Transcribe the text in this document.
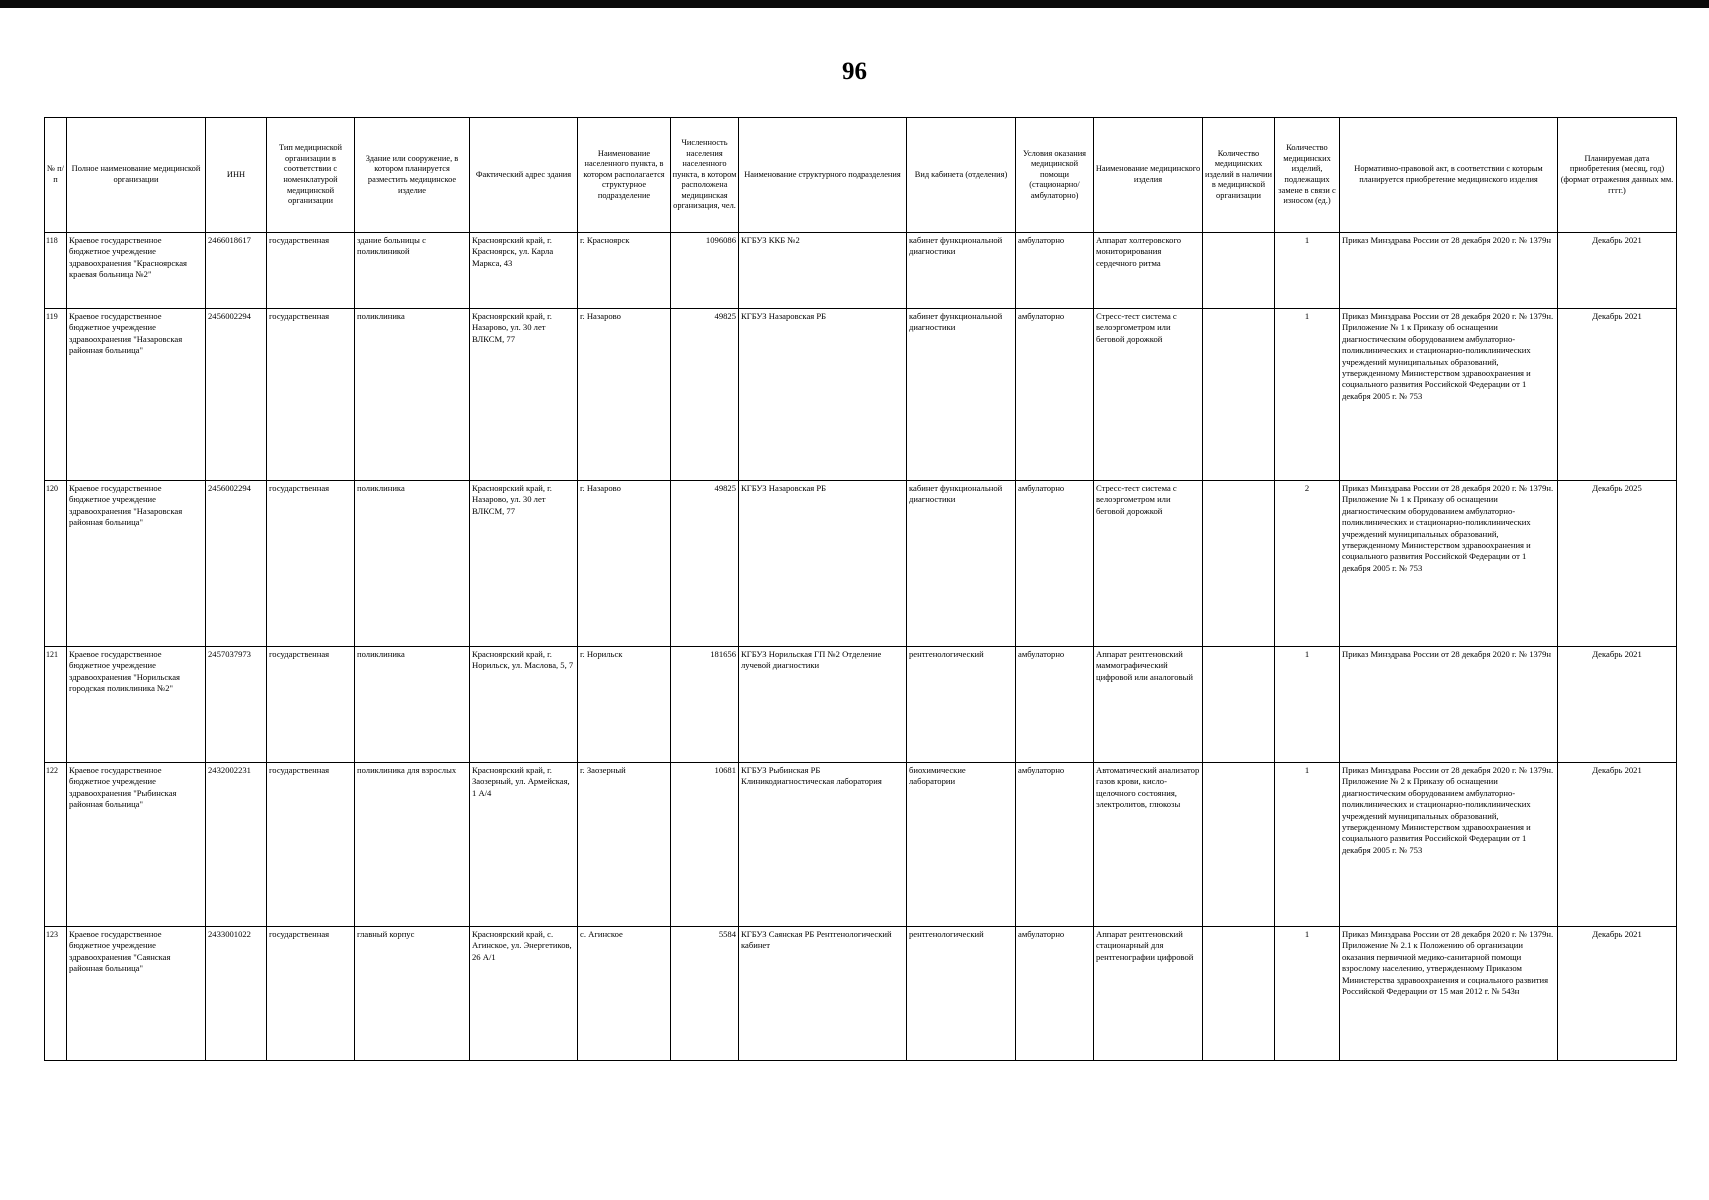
96
№ п/п	Полное наименование медицинской организации	ИНН	Тип медицинской организации в соответствии с номенклатурой медицинской организации	Здание или сооружение, в котором планируется разместить медицинское изделие	Фактический адрес здания	Наименование населенного пункта, в котором располагается структурное подразделение	Численность населения населенного пункта, в котором расположена медицинская организация, чел.	Наименование структурного подразделения	Вид кабинета (отделения)	Условия оказания медицинской помощи (стационарно/ амбулаторно)	Наименование медицинского изделия	Количество медицинских изделий в наличии в медицинской организации	Количество медицинских изделий, подлежащих замене в связи с износом (ед.)	Нормативно-правовой акт, в соответствии с которым планируется приобретение медицинского изделия	Планируемая дата приобретения (месяц, год) (формат отражения данных мм. гггг.)
118	Краевое государственное бюджетное учреждение здравоохранения "Красноярская краевая больница №2"	2466018617	государственная	здание больницы с поликлиникой	Красноярский край, г. Красноярск, ул. Карла Маркса, 43	г. Красноярск	1096086	КГБУЗ ККБ №2	кабинет функциональной диагностики	амбулаторно	Аппарат холтеровского мониторирования сердечного ритма		1	Приказ Минздрава России от 28 декабря 2020 г. № 1379н	Декабрь 2021
119	Краевое государственное бюджетное учреждение здравоохранения "Назаровская районная больница"	2456002294	государственная	поликлиника	Красноярский край, г. Назарово, ул. 30 лет ВЛКСМ, 77	г. Назарово	49825	КГБУЗ Назаровская РБ	кабинет функциональной диагностики	амбулаторно	Стресс-тест система с велоэргометром или беговой дорожкой		1	Приказ Минздрава России от 28 декабря 2020 г. № 1379н. Приложение № 1 к Приказу об оснащении диагностическим оборудованием амбулаторно-поликлинических и стационарно-поликлинических учреждений муниципальных образований, утвержденному Министерством здравоохранения и социального развития Российской Федерации от 1 декабря 2005 г. № 753	Декабрь 2021
120	Краевое государственное бюджетное учреждение здравоохранения "Назаровская районная больница"	2456002294	государственная	поликлиника	Красноярский край, г. Назарово, ул. 30 лет ВЛКСМ, 77	г. Назарово	49825	КГБУЗ Назаровская РБ	кабинет функциональной диагностики	амбулаторно	Стресс-тест система с велоэргометром или беговой дорожкой		2	Приказ Минздрава России от 28 декабря 2020 г. № 1379н. Приложение № 1 к Приказу об оснащении диагностическим оборудованием амбулаторно-поликлинических и стационарно-поликлинических учреждений муниципальных образований, утвержденному Министерством здравоохранения и социального развития Российской Федерации от 1 декабря 2005 г. № 753	Декабрь 2025
121	Краевое государственное бюджетное учреждение здравоохранения "Норильская городская поликлиника №2"	2457037973	государственная	поликлиника	Красноярский край, г. Норильск, ул. Маслова, 5, 7	г. Норильск	181656	КГБУЗ Норильская ГП №2 Отделение лучевой диагностики	рентгенологический	амбулаторно	Аппарат рентгеновский маммографический цифровой или аналоговый		1	Приказ Минздрава России от 28 декабря 2020 г. № 1379н	Декабрь 2021
122	Краевое государственное бюджетное учреждение здравоохранения "Рыбинская районная больница"	2432002231	государственная	поликлиника для взрослых	Красноярский край, г. Заозерный, ул. Армейская, 1 А/4	г. Заозерный	10681	КГБУЗ Рыбинская РБ Клиникодиагностическая лаборатория	биохимические лаборатории	амбулаторно	Автоматический анализатор газов крови, кисло-щелочного состояния, электролитов, глюкозы		1	Приказ Минздрава России от 28 декабря 2020 г. № 1379н. Приложение № 2 к Приказу об оснащении диагностическим оборудованием амбулаторно-поликлинических и стационарно-поликлинических учреждений муниципальных образований, утвержденному Министерством здравоохранения и социального развития Российской Федерации от 1 декабря 2005 г. № 753	Декабрь 2021
123	Краевое государственное бюджетное учреждение здравоохранения "Саянская районная больница"	2433001022	государственная	главный корпус	Красноярский край, с. Агинское, ул. Энергетиков, 26 А/1	с. Агинское	5584	КГБУЗ Саянская РБ Рентгенологический кабинет	рентгенологический	амбулаторно	Аппарат рентгеновский стационарный для рентгенографии цифровой		1	Приказ Минздрава России от 28 декабря 2020 г. № 1379н. Приложение № 2.1 к Положению об организации оказания первичной медико-санитарной помощи взрослому населению, утвержденному Приказом Министерства здравоохранения и социального развития Российской Федерации от 15 мая 2012 г. № 543н	Декабрь 2021
